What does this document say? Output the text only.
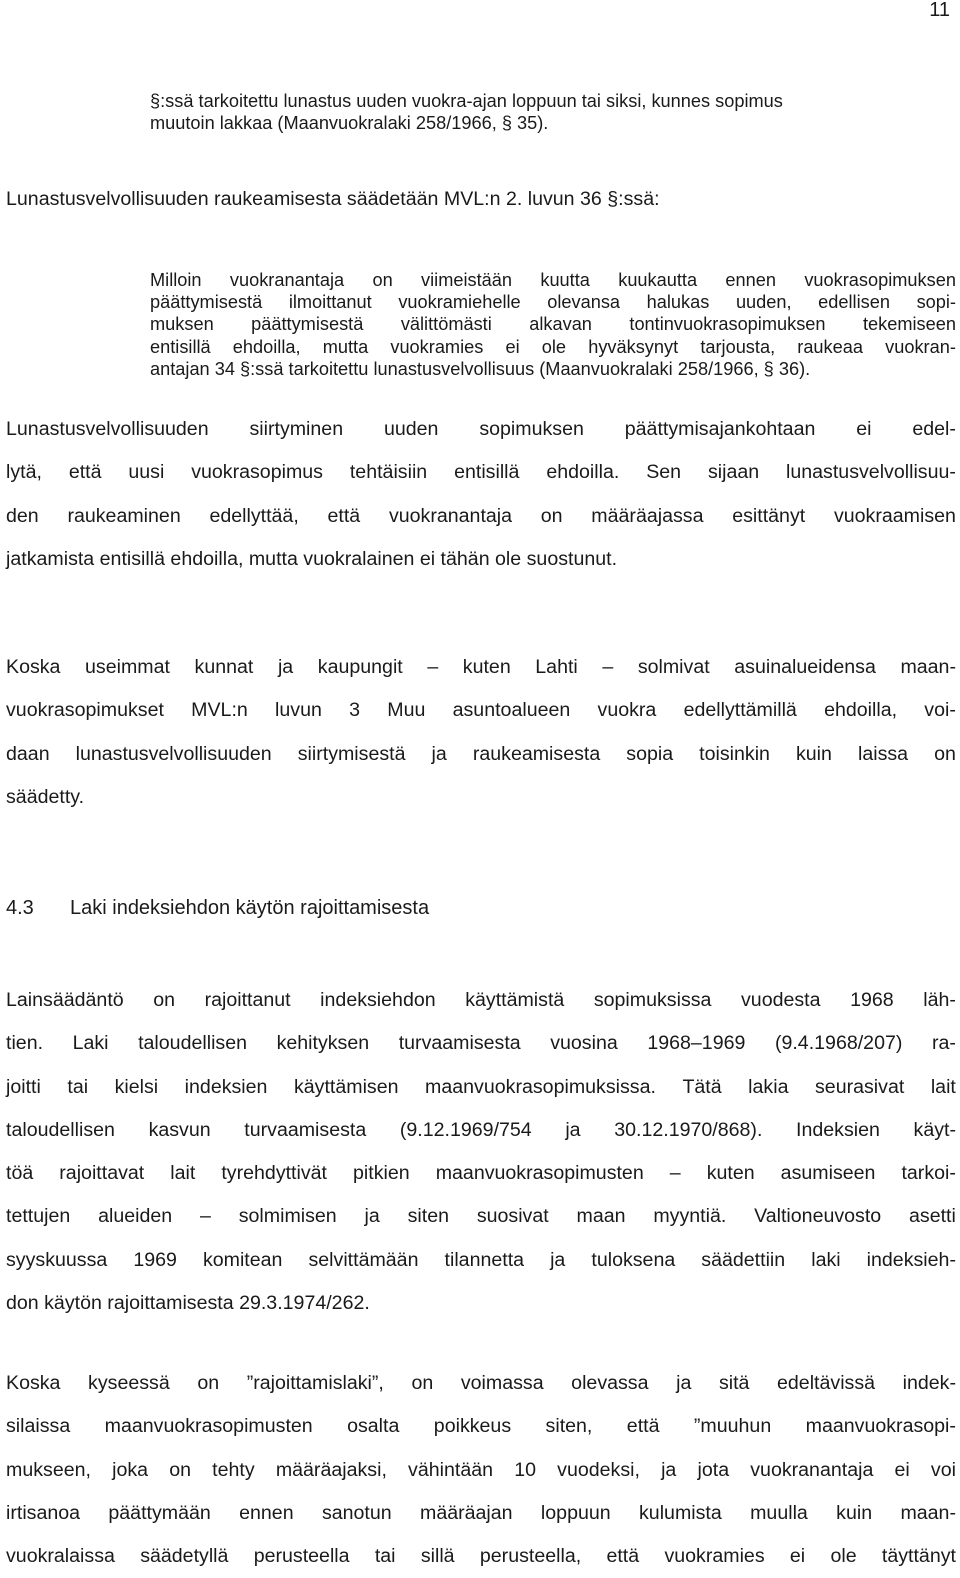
11
§:ssä tarkoitettu lunastus uuden vuokra-ajan loppuun tai siksi, kunnes sopimus
muutoin lakkaa (Maanvuokralaki 258/1966, § 35).
Lunastusvelvollisuuden raukeamisesta säädetään MVL:n 2. luvun 36 §:ssä:
Milloin vuokranantaja on viimeistään kuutta kuukautta ennen vuokrasopimuksen
päättymisestä ilmoittanut vuokramiehelle olevansa halukas uuden, edellisen sopi-
muksen päättymisestä välittömästi alkavan tontinvuokrasopimuksen tekemiseen
entisillä ehdoilla, mutta vuokramies ei ole hyväksynyt tarjousta, raukeaa vuokran-
antajan 34 §:ssä tarkoitettu lunastusvelvollisuus (Maanvuokralaki 258/1966, § 36).
Lunastusvelvollisuuden siirtyminen uuden sopimuksen päättymisajankohtaan ei edel-
lytä, että uusi vuokrasopimus tehtäisiin entisillä ehdoilla. Sen sijaan lunastusvelvollisuu-
den raukeaminen edellyttää, että vuokranantaja on määräajassa esittänyt vuokraamisen
jatkamista entisillä ehdoilla, mutta vuokralainen ei tähän ole suostunut.
Koska useimmat kunnat ja kaupungit – kuten Lahti – solmivat asuinalueidensa maan-
vuokrasopimukset MVL:n luvun 3 Muu asuntoalueen vuokra edellyttämillä ehdoilla, voi-
daan lunastusvelvollisuuden siirtymisestä ja raukeamisesta sopia toisinkin kuin laissa on
säädetty.
4.3 Laki indeksiehdon käytön rajoittamisesta
Lainsäädäntö on rajoittanut indeksiehdon käyttämistä sopimuksissa vuodesta 1968 läh-
tien. Laki taloudellisen kehityksen turvaamisesta vuosina 1968–1969 (9.4.1968/207) ra-
joitti tai kielsi indeksien käyttämisen maanvuokrasopimuksissa. Tätä lakia seurasivat lait
taloudellisen kasvun turvaamisesta (9.12.1969/754 ja 30.12.1970/868). Indeksien käyt-
töä rajoittavat lait tyrehdyttivät pitkien maanvuokrasopimusten – kuten asumiseen tarkoi-
tettujen alueiden – solmimisen ja siten suosivat maan myyntiä. Valtioneuvosto asetti
syyskuussa 1969 komitean selvittämään tilannetta ja tuloksena säädettiin laki indeksieh-
don käytön rajoittamisesta 29.3.1974/262.
Koska kyseessä on ”rajoittamislaki”, on voimassa olevassa ja sitä edeltävissä indek-
silaissa maanvuokrasopimusten osalta poikkeus siten, että ”muuhun maanvuokrasopi-
mukseen, joka on tehty määräajaksi, vähintään 10 vuodeksi, ja jota vuokranantaja ei voi
irtisanoa päättymään ennen sanotun määräajan loppuun kulumista muulla kuin maan-
vuokralaissa säädetyllä perusteella tai sillä perusteella, että vuokramies ei ole täyttänyt
